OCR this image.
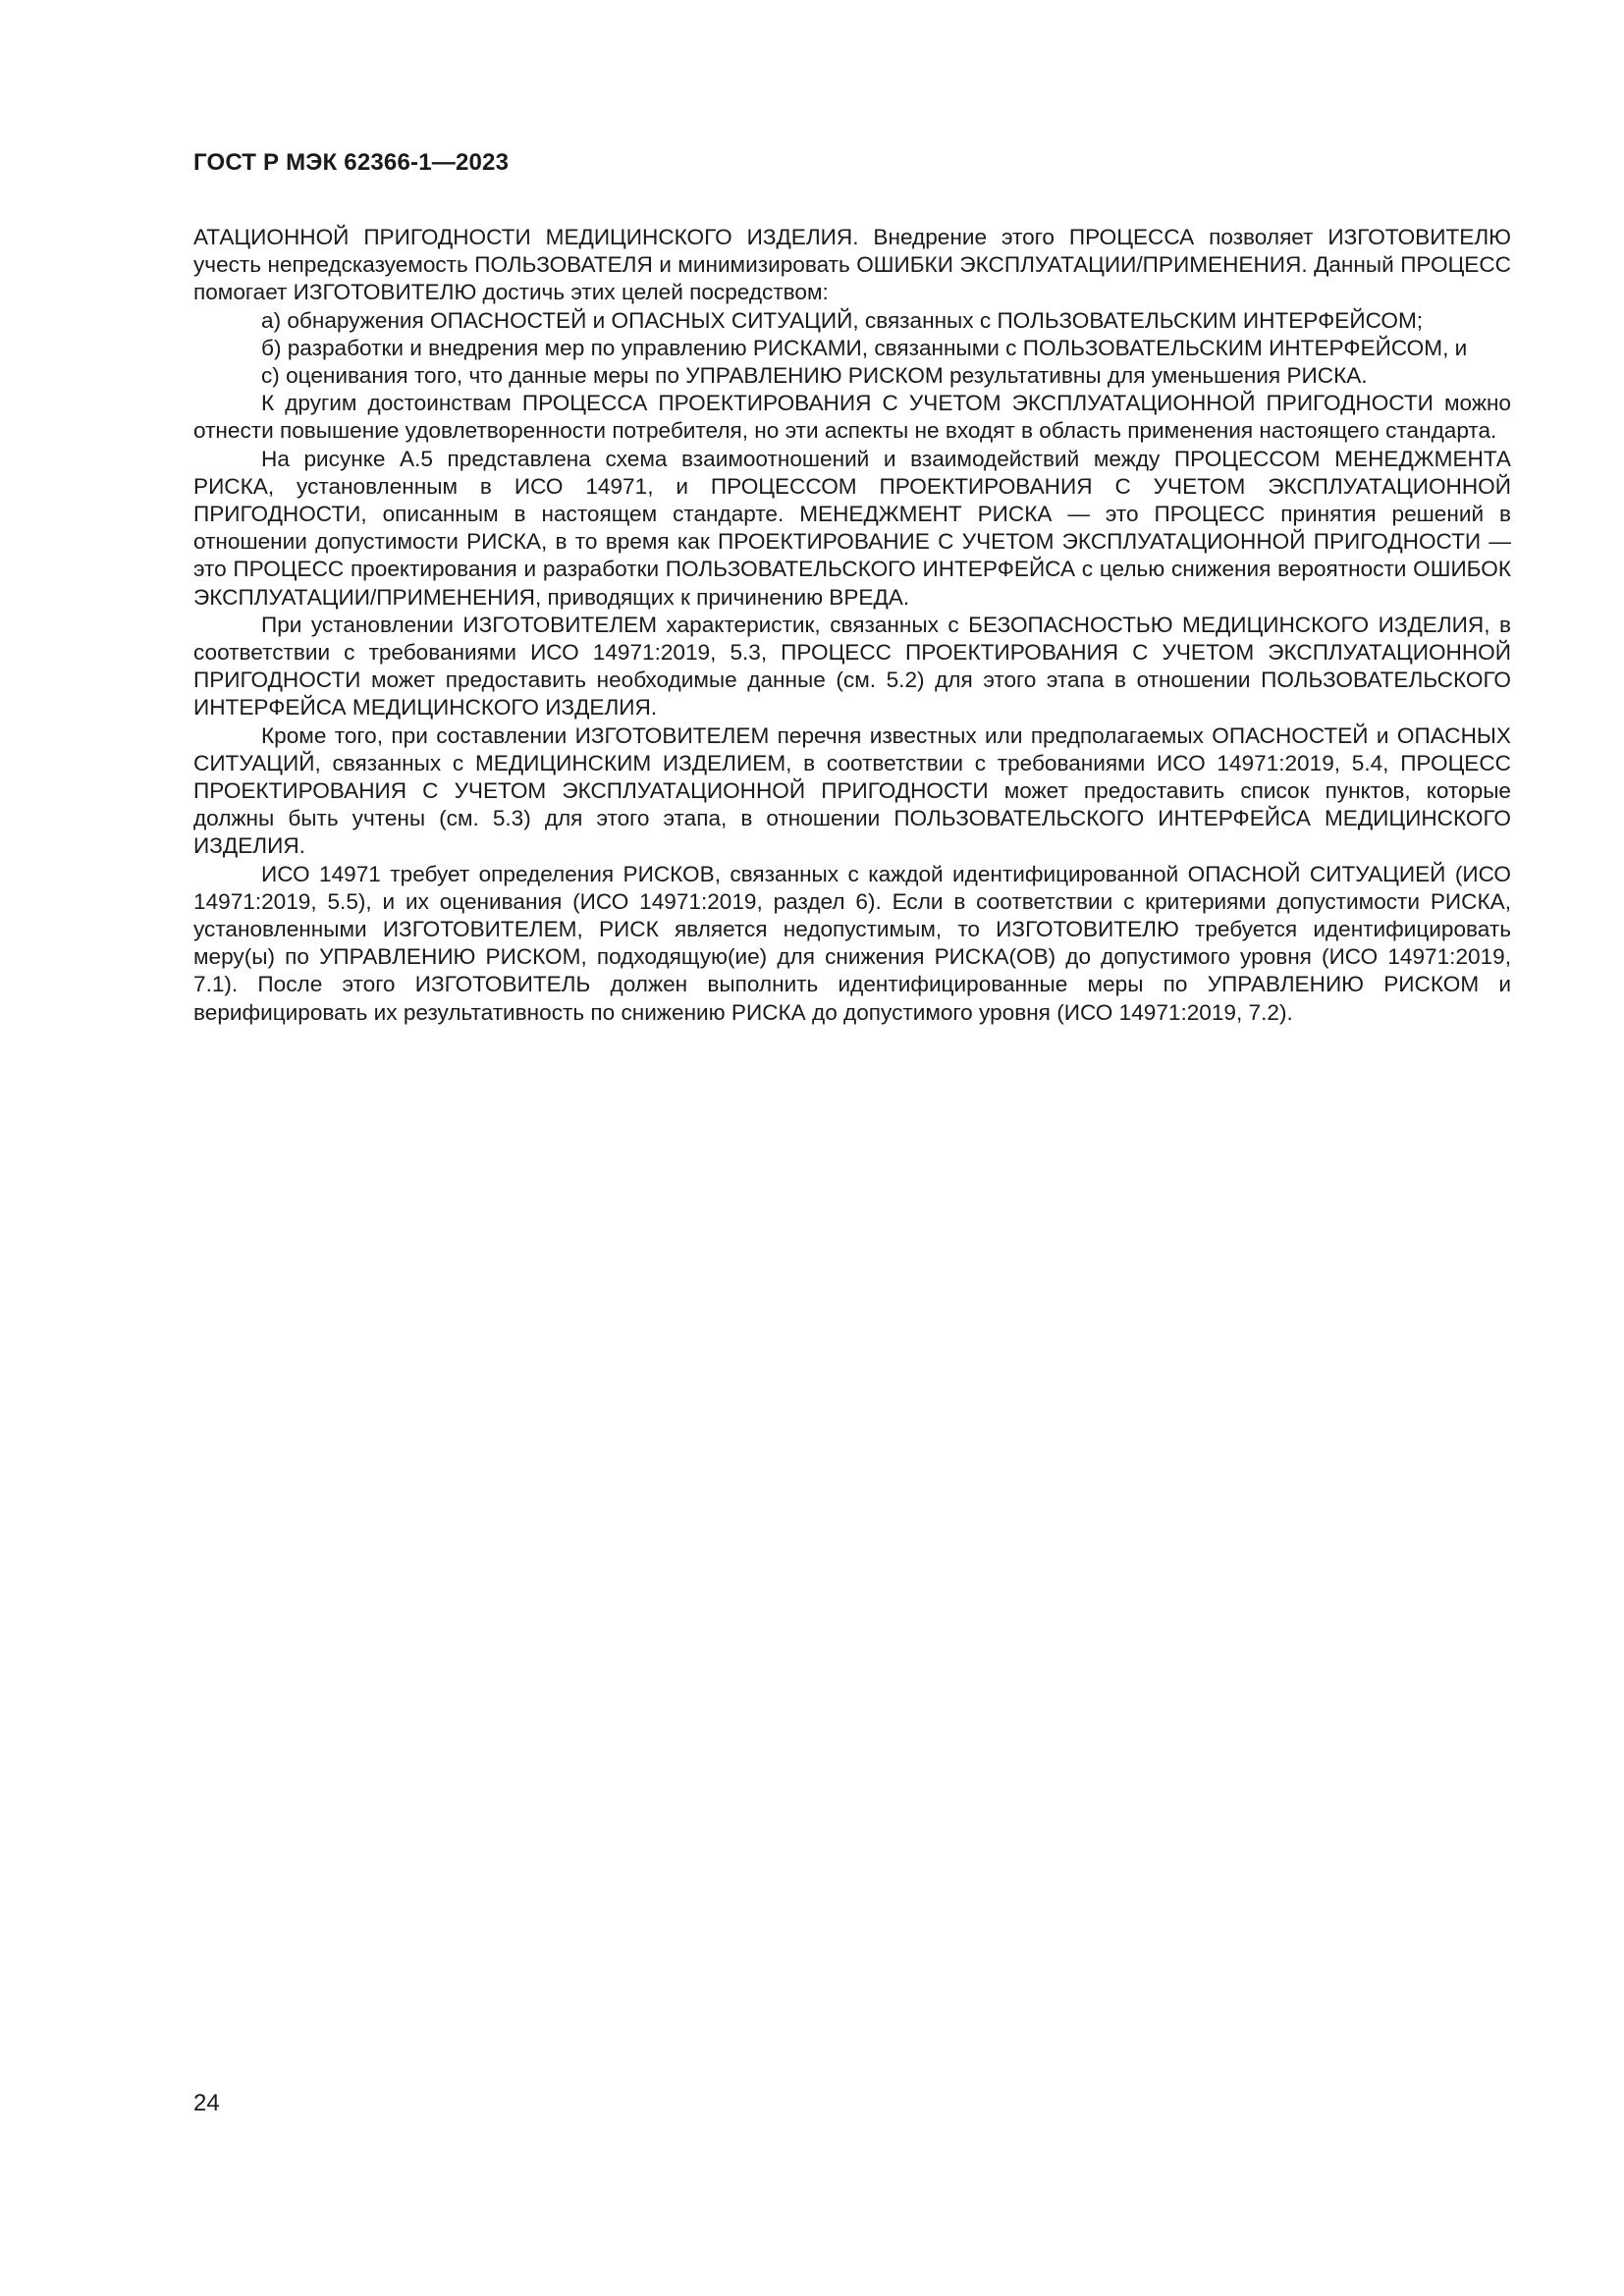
ГОСТ Р МЭК 62366-1—2023

АТАЦИОННОЙ ПРИГОДНОСТИ МЕДИЦИНСКОГО ИЗДЕЛИЯ. Внедрение этого ПРОЦЕССА позволяет ИЗГОТОВИТЕЛЮ учесть непредсказуемость ПОЛЬЗОВАТЕЛЯ и минимизировать ОШИБКИ ЭКСПЛУАТАЦИИ/ПРИМЕНЕНИЯ. Данный ПРОЦЕСС помогает ИЗГОТОВИТЕЛЮ достичь этих целей посредством:

a) обнаружения ОПАСНОСТЕЙ и ОПАСНЫХ СИТУАЦИЙ, связанных с ПОЛЬЗОВАТЕЛЬСКИМ ИНТЕРФЕЙСОМ;

б) разработки и внедрения мер по управлению РИСКАМИ, связанными с ПОЛЬЗОВАТЕЛЬСКИМ ИНТЕРФЕЙСОМ, и

c) оценивания того, что данные меры по УПРАВЛЕНИЮ РИСКОМ результативны для уменьшения РИСКА.

К другим достоинствам ПРОЦЕССА ПРОЕКТИРОВАНИЯ С УЧЕТОМ ЭКСПЛУАТАЦИОННОЙ ПРИГОДНОСТИ можно отнести повышение удовлетворенности потребителя, но эти аспекты не входят в область применения настоящего стандарта.

На рисунке А.5 представлена схема взаимоотношений и взаимодействий между ПРОЦЕССОМ МЕНЕДЖМЕНТА РИСКА, установленным в ИСО 14971, и ПРОЦЕССОМ ПРОЕКТИРОВАНИЯ С УЧЕТОМ ЭКСПЛУАТАЦИОННОЙ ПРИГОДНОСТИ, описанным в настоящем стандарте. МЕНЕДЖМЕНТ РИСКА — это ПРОЦЕСС принятия решений в отношении допустимости РИСКА, в то время как ПРОЕКТИРОВАНИЕ С УЧЕТОМ ЭКСПЛУАТАЦИОННОЙ ПРИГОДНОСТИ — это ПРОЦЕСС проектирования и разработки ПОЛЬЗОВАТЕЛЬСКОГО ИНТЕРФЕЙСА с целью снижения вероятности ОШИБОК ЭКСПЛУАТАЦИИ/ПРИМЕНЕНИЯ, приводящих к причинению ВРЕДА.

При установлении ИЗГОТОВИТЕЛЕМ характеристик, связанных с БЕЗОПАСНОСТЬЮ МЕДИЦИНСКОГО ИЗДЕЛИЯ, в соответствии с требованиями ИСО 14971:2019, 5.3, ПРОЦЕСС ПРОЕКТИРОВАНИЯ С УЧЕТОМ ЭКСПЛУАТАЦИОННОЙ ПРИГОДНОСТИ может предоставить необходимые данные (см. 5.2) для этого этапа в отношении ПОЛЬЗОВАТЕЛЬСКОГО ИНТЕРФЕЙСА МЕДИЦИНСКОГО ИЗДЕЛИЯ.

Кроме того, при составлении ИЗГОТОВИТЕЛЕМ перечня известных или предполагаемых ОПАСНОСТЕЙ и ОПАСНЫХ СИТУАЦИЙ, связанных с МЕДИЦИНСКИМ ИЗДЕЛИЕМ, в соответствии с требованиями ИСО 14971:2019, 5.4, ПРОЦЕСС ПРОЕКТИРОВАНИЯ С УЧЕТОМ ЭКСПЛУАТАЦИОННОЙ ПРИГОДНОСТИ может предоставить список пунктов, которые должны быть учтены (см. 5.3) для этого этапа, в отношении ПОЛЬЗОВАТЕЛЬСКОГО ИНТЕРФЕЙСА МЕДИЦИНСКОГО ИЗДЕЛИЯ.

ИСО 14971 требует определения РИСКОВ, связанных с каждой идентифицированной ОПАСНОЙ СИТУАЦИЕЙ (ИСО 14971:2019, 5.5), и их оценивания (ИСО 14971:2019, раздел 6). Если в соответствии с критериями допустимости РИСКА, установленными ИЗГОТОВИТЕЛЕМ, РИСК является недопустимым, то ИЗГОТОВИТЕЛЮ требуется идентифицировать меру(ы) по УПРАВЛЕНИЮ РИСКОМ, подходящую(ие) для снижения РИСКА(ОВ) до допустимого уровня (ИСО 14971:2019, 7.1). После этого ИЗГОТОВИТЕЛЬ должен выполнить идентифицированные меры по УПРАВЛЕНИЮ РИСКОМ и верифицировать их результативность по снижению РИСКА до допустимого уровня (ИСО 14971:2019, 7.2).

24
